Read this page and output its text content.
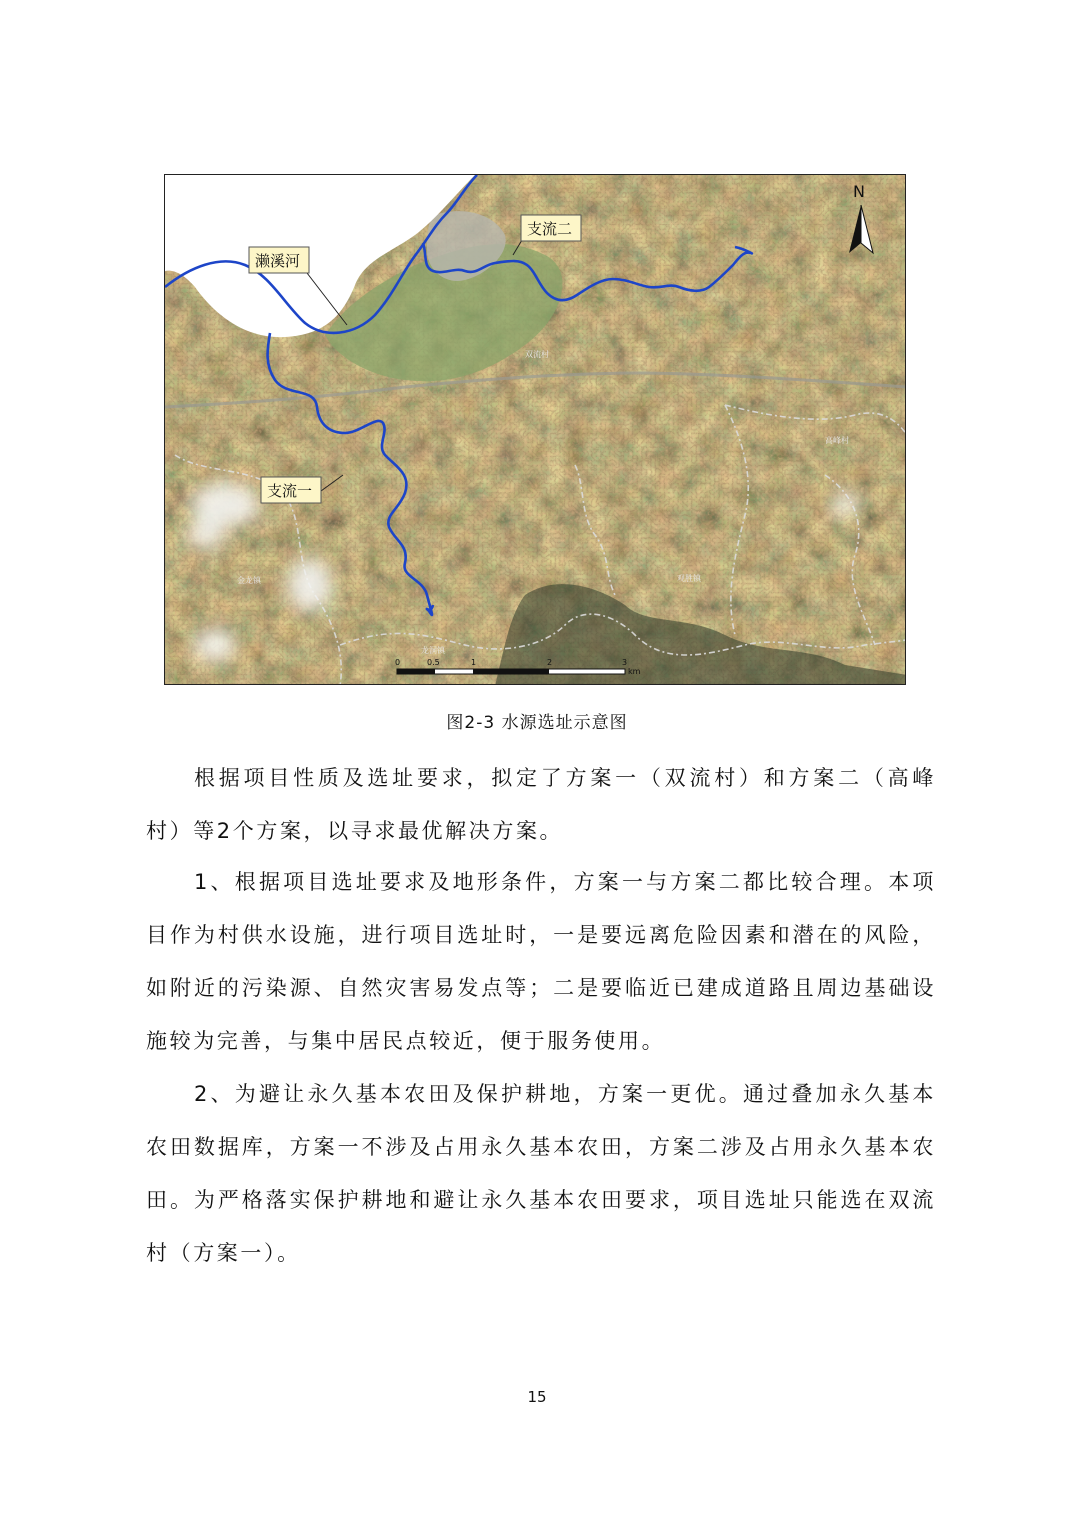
双流村
高峰村
龙洞镇
观胜镇
金龙镇
濑溪河
支流二
支流一
N
0	0.5	1	2	3
km
图2-3 水源选址示意图

根据项目性质及选址要求，拟定了方案一（双流村）和方案二（高峰村）等2个方案，以寻求最优解决方案。

1、根据项目选址要求及地形条件，方案一与方案二都比较合理。本项目作为村供水设施，进行项目选址时，一是要远离危险因素和潜在的风险，如附近的污染源、自然灾害易发点等；二是要临近已建成道路且周边基础设施较为完善，与集中居民点较近，便于服务使用。

2、为避让永久基本农田及保护耕地，方案一更优。通过叠加永久基本农田数据库，方案一不涉及占用永久基本农田，方案二涉及占用永久基本农田。为严格落实保护耕地和避让永久基本农田要求，项目选址只能选在双流村（方案一）。

15
